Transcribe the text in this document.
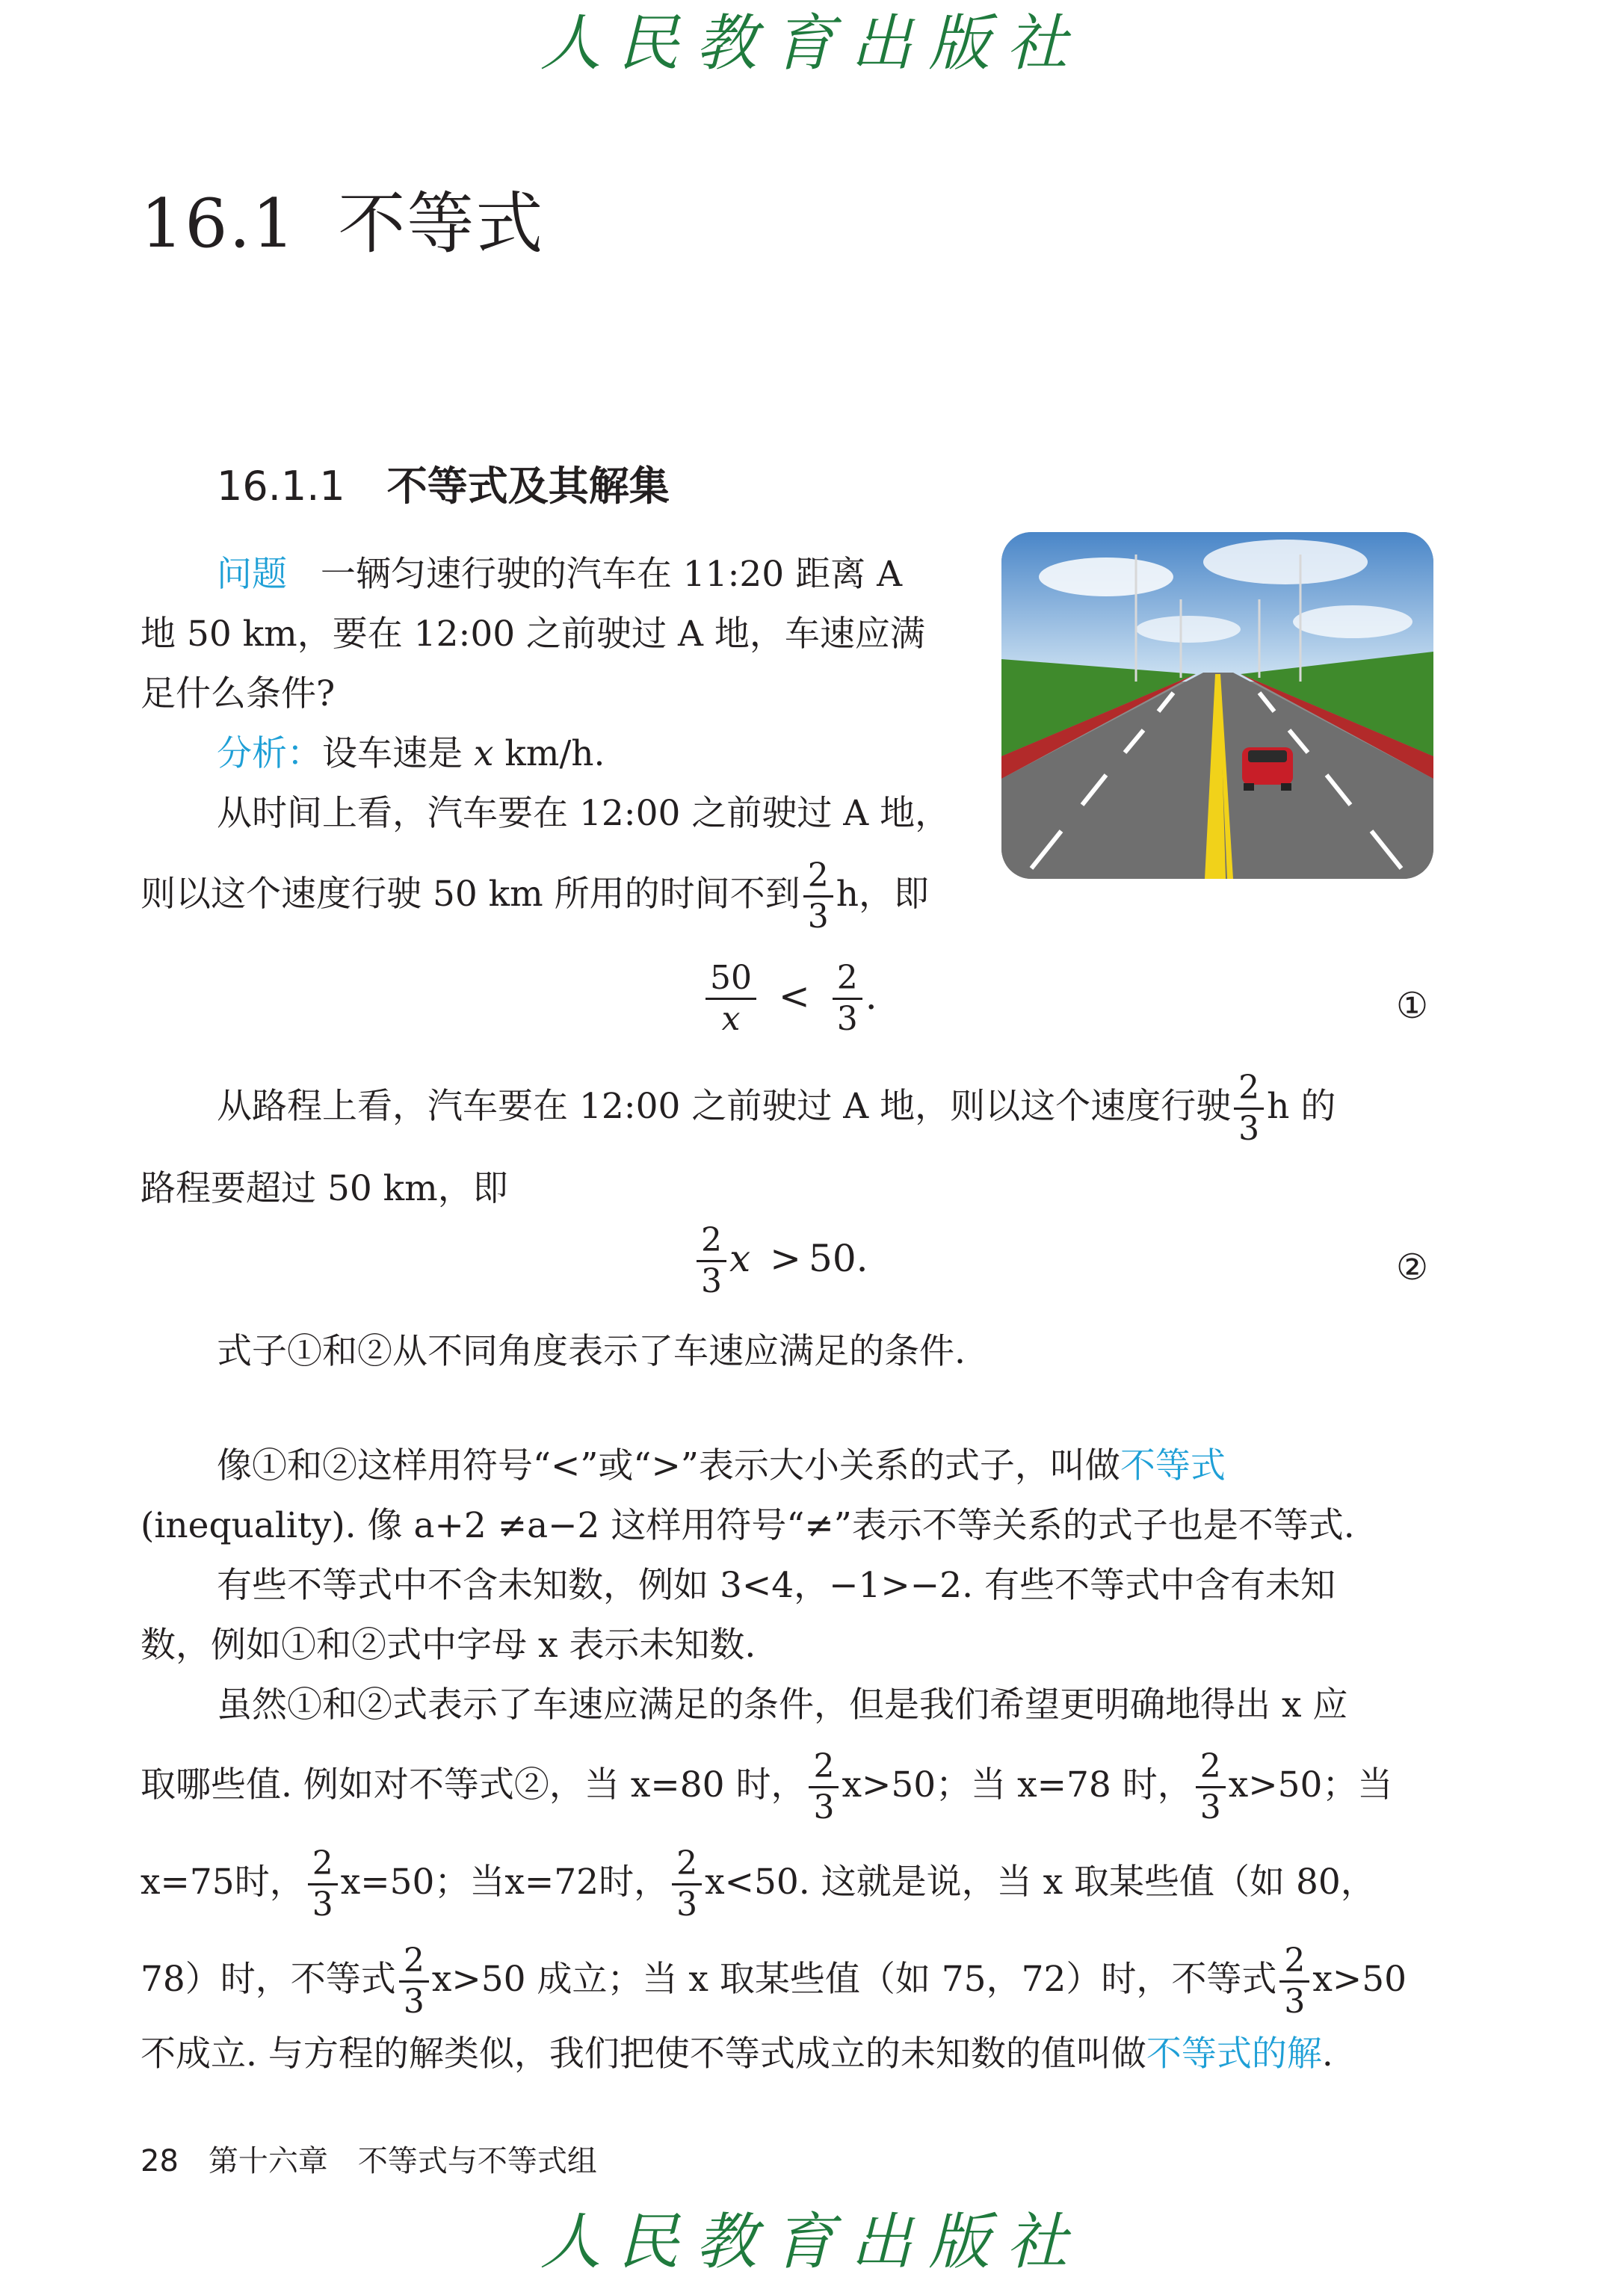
人民教育出版社
16.1 不等式
16.1.1 不等式及其解集
问题 一辆匀速行驶的汽车在 11:20 距离 A
地 50 km，要在 12:00 之前驶过 A 地，车速应满
足什么条件?
分析：设车速是 x km/h.
从时间上看，汽车要在 12:00 之前驶过 A 地，
则以这个速度行驶 50 km 所用的时间不到 $\frac{2}{3}$ h，即
$\frac{50}{x} < \frac{2}{3}$ .	①
从路程上看，汽车要在 12:00 之前驶过 A 地，则以这个速度行驶 $\frac{2}{3}$ h 的
路程要超过 50 km，即
$\frac{2}{3}$ x > 50.	②
式子①和②从不同角度表示了车速应满足的条件.
像①和②这样用符号“<”或“>”表示大小关系的式子，叫做不等式
(inequality). 像 a+2 ≠a−2 这样用符号“≠”表示不等关系的式子也是不等式.
有些不等式中不含未知数，例如 3<4，−1>−2. 有些不等式中含有未知
数，例如①和②式中字母 x 表示未知数.
虽然①和②式表示了车速应满足的条件，但是我们希望更明确地得出 x 应
取哪些值. 例如对不等式②，当 x=80 时， $\frac{2}{3} x>50$；当 x=78 时， $\frac{2}{3} x>50$；当
x=75时， $\frac{2}{3} x=50$；当x=72时， $\frac{2}{3} x<50$. 这就是说，当 x 取某些值（如 80，
78）时，不等式 $\frac{2}{3} x>50$ 成立；当 x 取某些值（如 75，72）时，不等式 $\frac{2}{3} x>50$
不成立. 与方程的解类似，我们把使不等式成立的未知数的值叫做不等式的解.
28 第十六章 不等式与不等式组
人民教育出版社
